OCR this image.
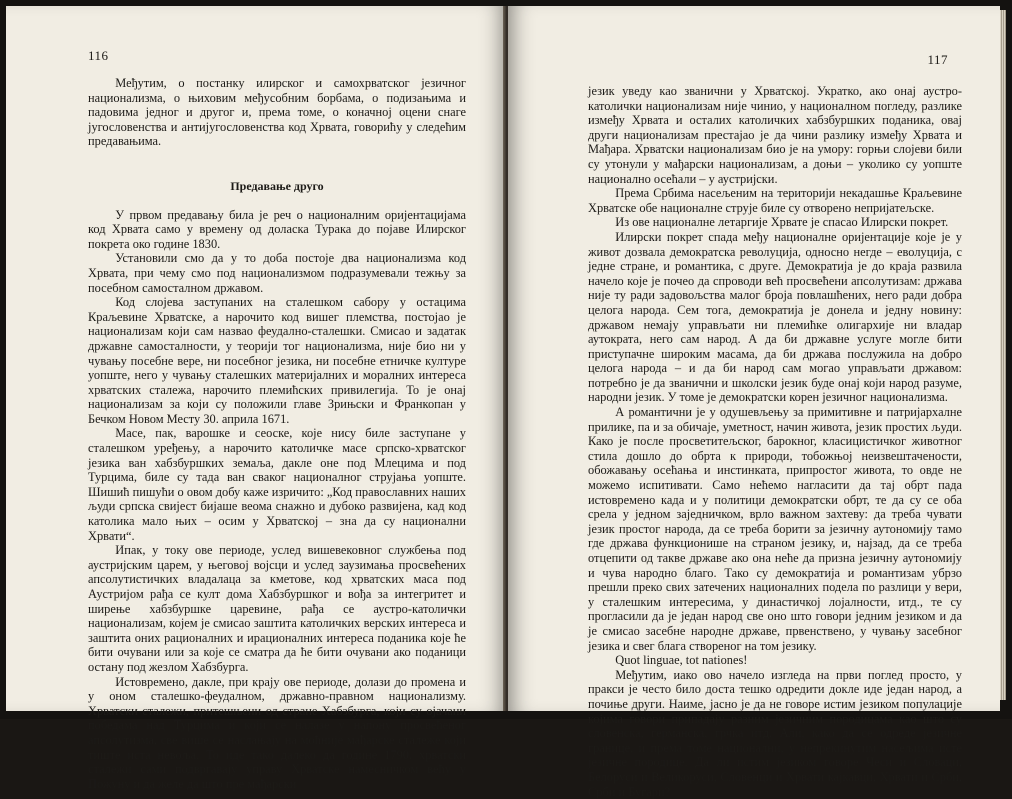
116

Међутим, о постанку илирског и самохрватског језичног национализма, о њиховим међусобним борбама, о подизањима и падовима једног и другог и, према томе, о коначној оцени снаге југословенства и антијугословенства код Хрвата, говорићу у следећим предавањима.

Предавање друго

У првом предавању била је реч о националним оријентацијама код Хрвата само у времену од доласка Турака до појаве Илирског покрета око године 1830.

Установили смо да у то доба постоје два национализма код Хрвата, при чему смо под национализмом подразумевали тежњу за посебном самосталном државом.

Код слојева заступаних на сталешком сабору у остацима Краљевине Хрватске, а нарочито код вишег племства, постојао је национализам који сам назвао феудално-сталешки. Смисао и задатак државне самосталности, у теорији тог национализма, није био ни у чувању посебне вере, ни посебног језика, ни посебне етничке културе уопште, него у чувању сталешких материјалних и моралних интереса хрватских сталежа, нарочито племићских привилегија. То је онај национализам за који су положили главе Зрињски и Франкопан у Бечком Новом Месту 30. априла 1671.

Масе, пак, варошке и сеоске, које нису биле заступане у сталешком уређењу, а нарочито католичке масе српско-хрватског језика ван хабзбуршких земаља, дакле оне под Млецима и под Турцима, биле су тада ван сваког националног струјања уопште. Шишић пишући о овом добу каже изричито: „Код православних наших људи српска свијест бијаше веома снажно и дубоко развијена, кад код католика мало њих – осим у Хрватској – зна да су национални Хрвати“.

Ипак, у току ове периоде, услед вишевековног службења под аустријским царем, у његовој војсци и услед заузимања просвећених апсолутистичких владалаца за кметове, код хрватских маса под Аустријом рађа се култ дома Хабзбуршког и вођа за интегритет и ширење хабзбуршке царевине, рађа се аустро-католички национализам, којем је смисао заштита католичких верских интереса и заштита оних рационалних и ирационалних интереса поданика које ће бити очувани или за које се сматра да ће бити очувани ако поданици остану под жезлом Хабзбурга.

Истовремено, дакле, при крају ове периоде, долази до промена и у оном сталешко-феудалном, државно-правном национализму. Хрватски сталежи, притешњени од стране Хабзбурга, који су ојачани победама над Турцима и који се налазе у напону просвећеног апсолутизма, све више се наслањају на моћније мађарске сталеже који тиште иста невоља. То иде тако далеко да године 1790. хрватски сталежи сами подвргавају управу Хрватске намесничком већу у Пожуну и да желе да што пре мађарски

117

језик уведу као званични у Хрватској. Укратко, ако онај аустро-католички национализам није чинио, у националном погледу, разлике између Хрвата и осталих католичких хабзбуршких поданика, овај други национализам престајао је да чини разлику између Хрвата и Мађара. Хрватски национализам био је на умору: горњи слојеви били су утонули у мађарски национализам, а доњи – уколико су уопште национално осећали – у аустријски.

Према Србима насељеним на територији некадашње Краљевине Хрватске обе националне струје биле су отворено непријатељске.

Из ове националне летаргије Хрвате је спасао Илирски покрет.

Илирски покрет спада међу националне оријентације које је у живот дозвала демократска револуција, односно негде – еволуција, с једне стране, и романтика, с друге. Демократија је до краја развила начело које је почео да спроводи већ просвећени апсолутизам: држава није ту ради задовољства малог броја повлашћених, него ради добра целога народа. Сем тога, демократија је донела и једну новину: државом немају управљати ни племићке олигархије ни владар аутократа, него сам народ. А да би државне услуге могле бити приступачне широким масама, да би држава послужила на добро целога народа – и да би народ сам могао управљати државом: потребно је да званични и школски језик буде онај који народ разуме, народни језик. У томе је демократски корен језичног национализма.

А романтични је у одушевљењу за примитивне и патријархалне прилике, па и за обичаје, уметност, начин живота, језик простих људи. Како је после просветитељског, барокног, класицистичког животног стила дошло до обрта к природи, тобожњој неизвештачености, обожавању осећања и инстинката, припростог живота, то овде не можемо испитивати. Само нећемо нагласити да тај обрт пада истовремено када и у политици демократски обрт, те да су се оба срела у једном заједничком, врло важном захтеву: да треба чувати језик простог народа, да се треба борити за језичну аутономију тамо где држава функционише на страном језику, и, најзад, да се треба отцепити од такве државе ако она неће да призна језичну аутономију и чува народно благо. Тако су демократија и романтизам убрзо прешли преко свих затечених националних подела по разлици у вери, у сталешким интересима, у династичкој лојалности, итд., те су прогласили да је један народ све оно што говори једним језиком и да је смисао засебне народне државе, првенствено, у чувању засебног језика и свег блага створеног на том језику.

Quot linguae, tot nationes!

Међутим, иако ово начело изгледа на први поглед просто, у пракси је често било доста тешко одредити докле иде један народ, а почиње други. Наиме, јасно је да не говоре истим језиком популације којима говори припадају разним језичним породицама као што су словенска, германска, грчка итд. Али, како да се одреде језичне границе, и према томе национални, у непрекинутим насељима исте језичне породице. Да ли истим језиком говоре Чеси и Словаци, Белоруси и Великоруси, Словенци и Хрвати кајкавци, Хрвати и Срби, Срби и Бугари?
